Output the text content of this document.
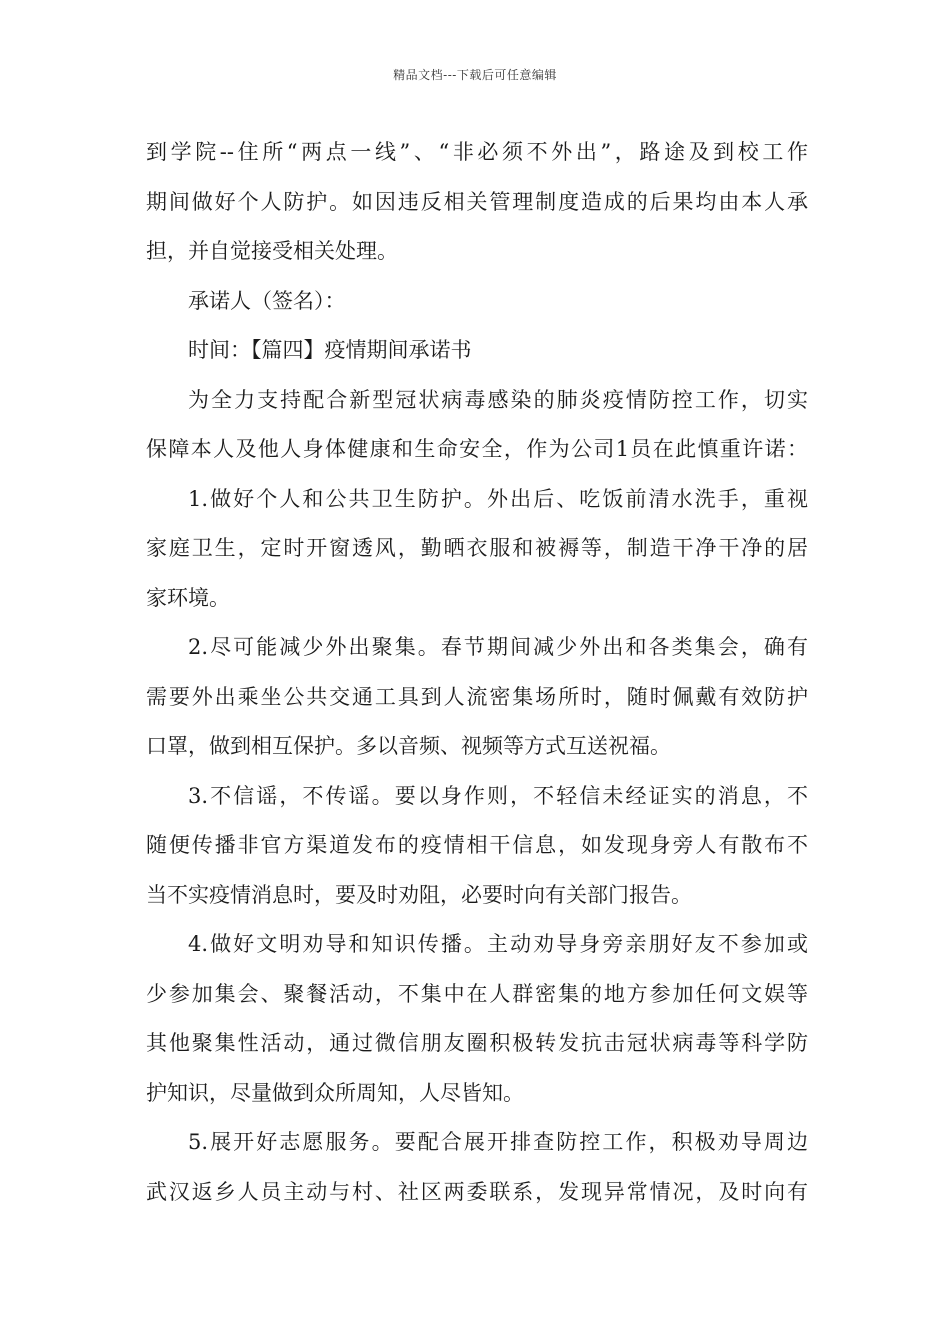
精品文档---下载后可任意编辑
到学院--住所“两点一线”、“非必须不外出”，路途及到校工作
期间做好个人防护。如因违反相关管理制度造成的后果均由本人承
担，并自觉接受相关处理。
承诺人（签名）：
时间：【篇四】疫情期间承诺书
为全力支持配合新型冠状病毒感染的肺炎疫情防控工作，切实
保障本人及他人身体健康和生命安全，作为公司1员在此慎重许诺：
1.做好个人和公共卫生防护。外出后、吃饭前清水洗手，重视
家庭卫生，定时开窗透风，勤晒衣服和被褥等，制造干净干净的居
家环境。
2.尽可能减少外出聚集。春节期间减少外出和各类集会，确有
需要外出乘坐公共交通工具到人流密集场所时，随时佩戴有效防护
口罩，做到相互保护。多以音频、视频等方式互送祝福。
3.不信谣，不传谣。要以身作则，不轻信未经证实的消息，不
随便传播非官方渠道发布的疫情相干信息，如发现身旁人有散布不
当不实疫情消息时，要及时劝阻，必要时向有关部门报告。
4.做好文明劝导和知识传播。主动劝导身旁亲朋好友不参加或
少参加集会、聚餐活动，不集中在人群密集的地方参加任何文娱等
其他聚集性活动，通过微信朋友圈积极转发抗击冠状病毒等科学防
护知识，尽量做到众所周知，人尽皆知。
5.展开好志愿服务。要配合展开排查防控工作，积极劝导周边
武汉返乡人员主动与村、社区两委联系，发现异常情况，及时向有
